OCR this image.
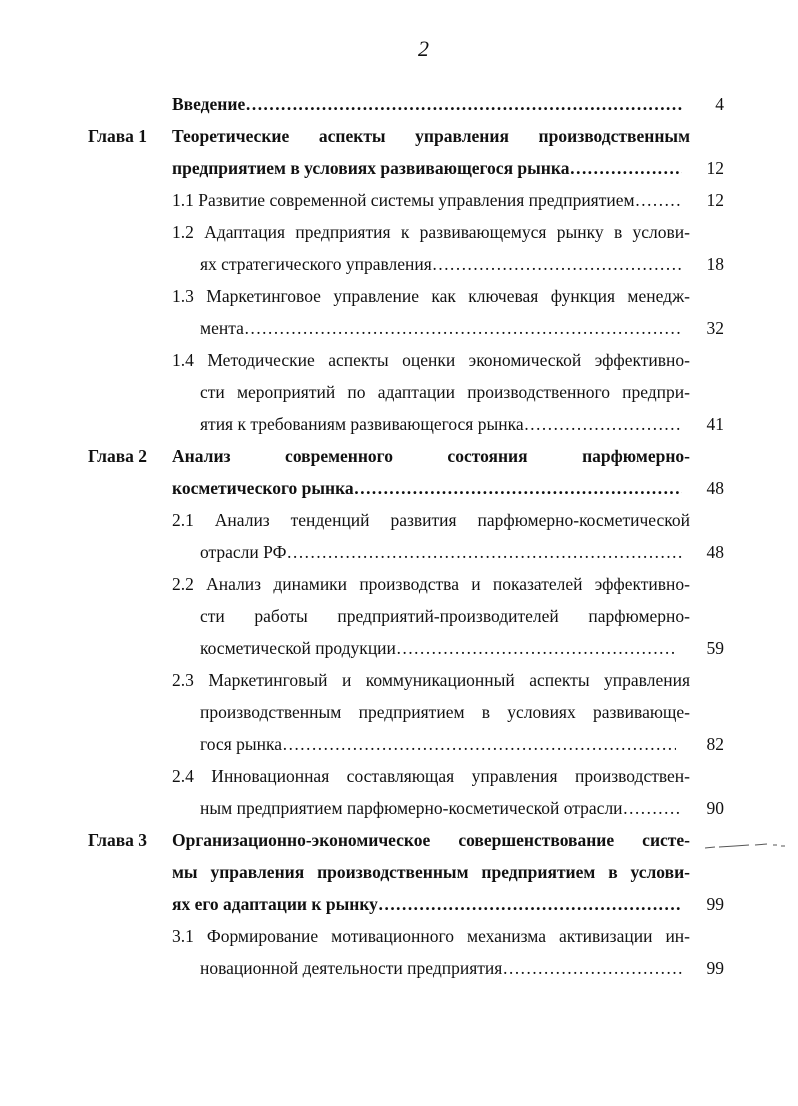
2
Введение ………………………………………………………………………………………………………………………………………………	4
Глава 1 Теоретические аспекты управления производственным
предприятием в условиях развивающегося рынка ………………………………………………………………………………………………………………………………………………	12
1.1 Развитие современной системы управления предприятием ………………………………………………………………………………………………………………………………………………	12
1.2 Адаптация предприятия к развивающемуся рынку в услови-
ях стратегического управления ………………………………………………………………………………………………………………………………………………	18
1.3 Маркетинговое управление как ключевая функция менедж-
мента ………………………………………………………………………………………………………………………………………………	32
1.4 Методические аспекты оценки экономической эффективно-
сти мероприятий по адаптации производственного предпри-
ятия к требованиям развивающегося рынка ………………………………………………………………………………………………………………………………………………	41
Глава 2 Анализ современного состояния парфюмерно-
косметического рынка ………………………………………………………………………………………………………………………………………………	48
2.1 Анализ тенденций развития парфюмерно-косметической
отрасли РФ ………………………………………………………………………………………………………………………………………………	48
2.2 Анализ динамики производства и показателей эффективно-
сти работы предприятий-производителей парфюмерно-
косметической продукции ………………………………………………………………………………………………………………………………………………	59
2.3 Маркетинговый и коммуникационный аспекты управления
производственным предприятием в условиях развивающе-
гося рынка ………………………………………………………………………………………………………………………………………………	82
2.4 Инновационная составляющая управления производствен-
ным предприятием парфюмерно-косметической отрасли ………………………………………………………………………………………………………………………………………………	90
Глава 3 Организационно-экономическое совершенствование систе-
мы управления производственным предприятием в услови-
ях его адаптации к рынку ………………………………………………………………………………………………………………………………………………	99
3.1 Формирование мотивационного механизма активизации ин-
новационной деятельности предприятия ………………………………………………………………………………………………………………………………………………	99
